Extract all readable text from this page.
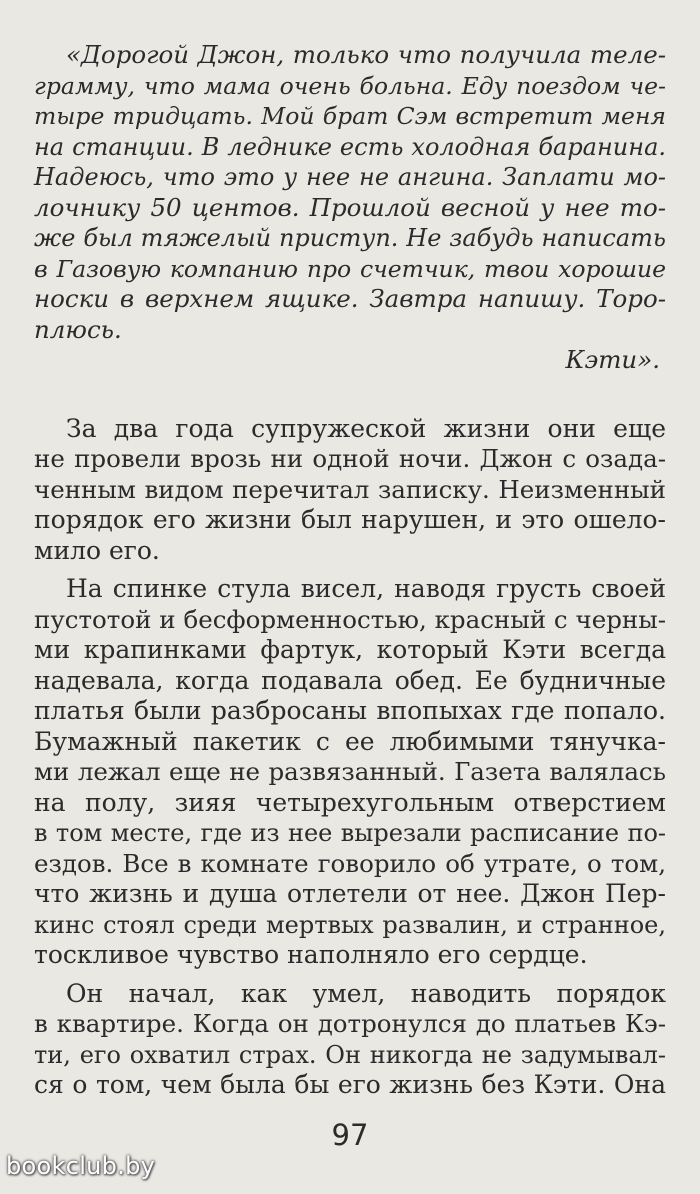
«Дорогой Джон, только что получила теле-
грамму, что мама очень больна. Еду поездом че-
тыре тридцать. Мой брат Сэм встретит меня
на станции. В леднике есть холодная баранина.
Надеюсь, что это у нее не ангина. Заплати мо-
лочнику 50 центов. Прошлой весной у нее то-
же был тяжелый приступ. Не забудь написать
в Газовую компанию про счетчик, твои хорошие
носки в верхнем ящике. Завтра напишу. Торо-
плюсь.
Кэти».
За два года супружеской жизни они еще
не провели врозь ни одной ночи. Джон с озада-
ченным видом перечитал записку. Неизменный
порядок его жизни был нарушен, и это ошело-
мило его.
На спинке стула висел, наводя грусть своей
пустотой и бесформенностью, красный с черны-
ми крапинками фартук, который Кэти всегда
надевала, когда подавала обед. Ее будничные
платья были разбросаны впопыхах где попало.
Бумажный пакетик с ее любимыми тянучка-
ми лежал еще не развязанный. Газета валялась
на полу, зияя четырехугольным отверстием
в том месте, где из нее вырезали расписание по-
ездов. Все в комнате говорило об утрате, о том,
что жизнь и душа отлетели от нее. Джон Пер-
кинс стоял среди мертвых развалин, и странное,
тоскливое чувство наполняло его сердце.
Он начал, как умел, наводить порядок
в квартире. Когда он дотронулся до платьев Кэ-
ти, его охватил страх. Он никогда не задумывал-
ся о том, чем была бы его жизнь без Кэти. Она
97
bookclub.by
